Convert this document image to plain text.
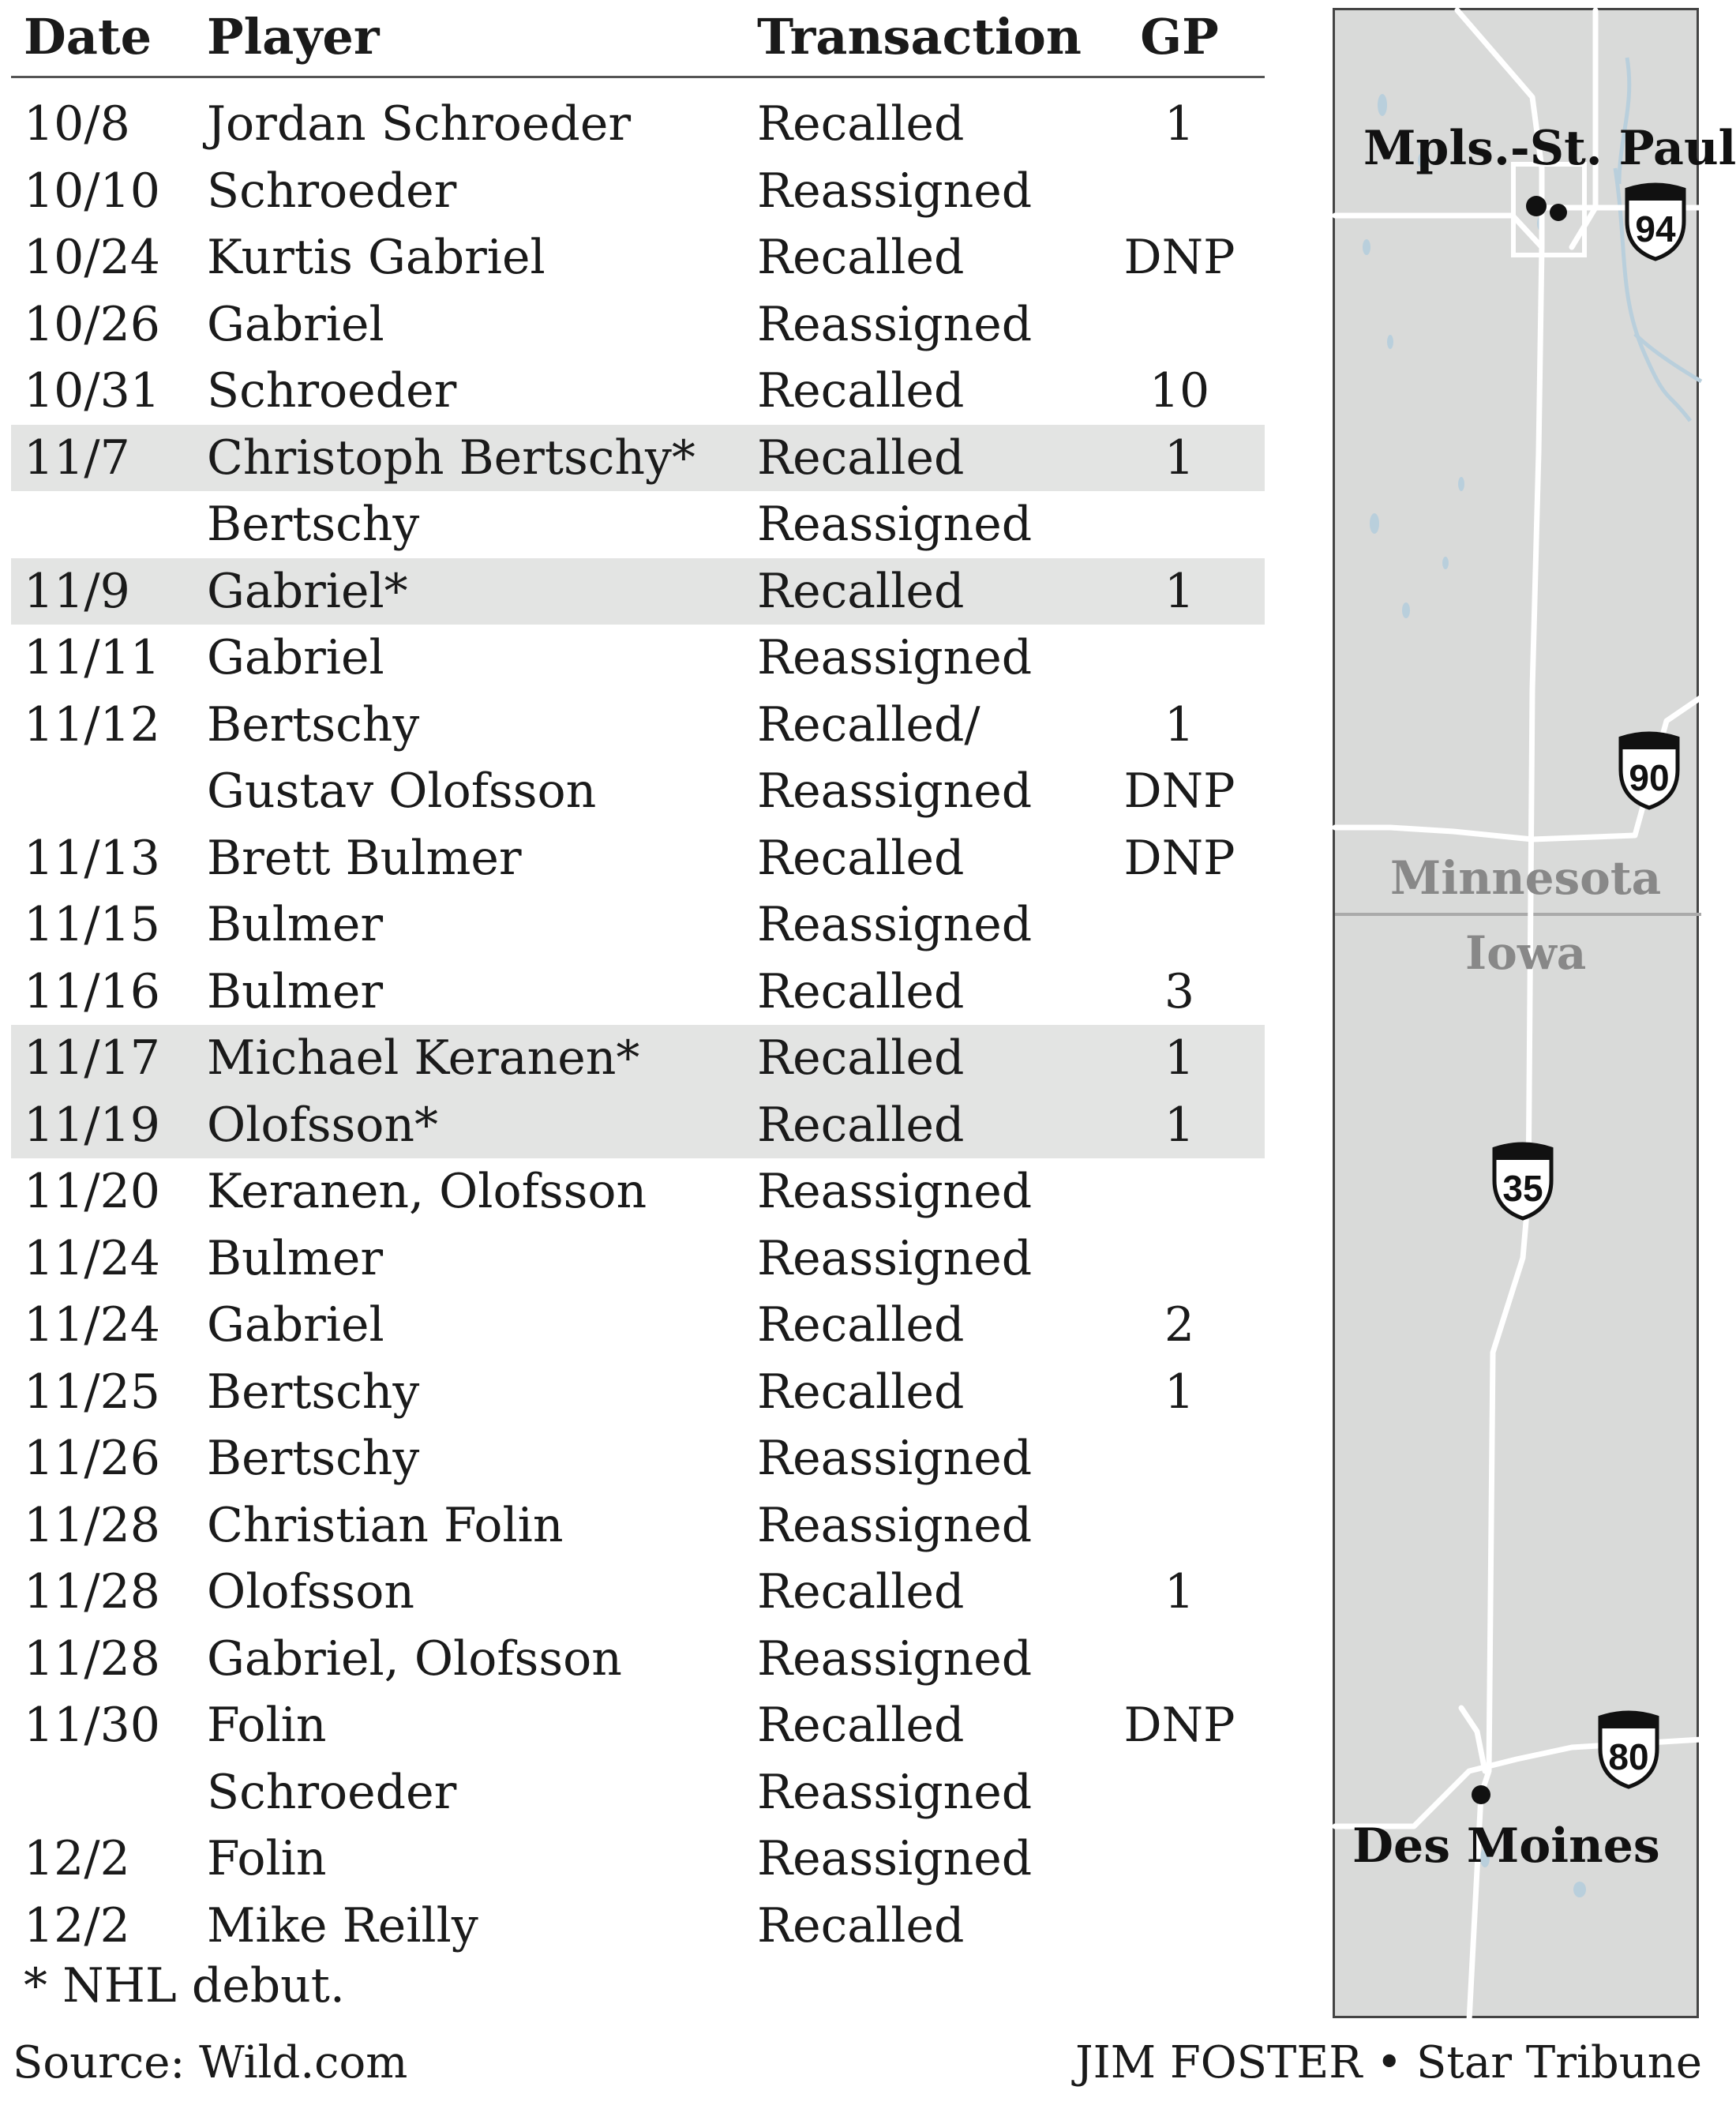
Date Player	Transaction	GP
10/8 Jordan Schroeder	Recalled	1
10/10 Schroeder	Reassigned
10/24 Kurtis Gabriel	Recalled	DNP
10/26 Gabriel	Reassigned
10/31 Schroeder	Recalled	10
11/7 Christoph Bertschy* Recalled	1
Bertschy	Reassigned
11/9 Gabriel*	Recalled	1
11/11 Gabriel	Reassigned
11/12 Bertschy	Recalled/	1
Gustav Olofsson	Reassigned	DNP
11/13 Brett Bulmer	Recalled	DNP
11/15 Bulmer	Reassigned
11/16 Bulmer	Recalled	3
11/17 Michael Keranen* Recalled	1
11/19 Olofsson*	Recalled	1
11/20 Keranen, Olofsson Reassigned
11/24 Bulmer	Reassigned
11/24 Gabriel	Recalled	2
11/25 Bertschy	Recalled	1
11/26 Bertschy	Reassigned
11/28 Christian Folin	Reassigned
11/28 Olofsson	Recalled	1
11/28 Gabriel, Olofsson	Reassigned
11/30 Folin	Recalled	DNP
Schroeder	Reassigned
12/2 Folin	Reassigned
12/2 Mike Reilly	Recalled
* NHL debut.
Source: Wild.com	JIM FOSTER • Star Tribune
94
90
35
80
Mpls.-St. Paul
Minnesota
Iowa
Des Moines
